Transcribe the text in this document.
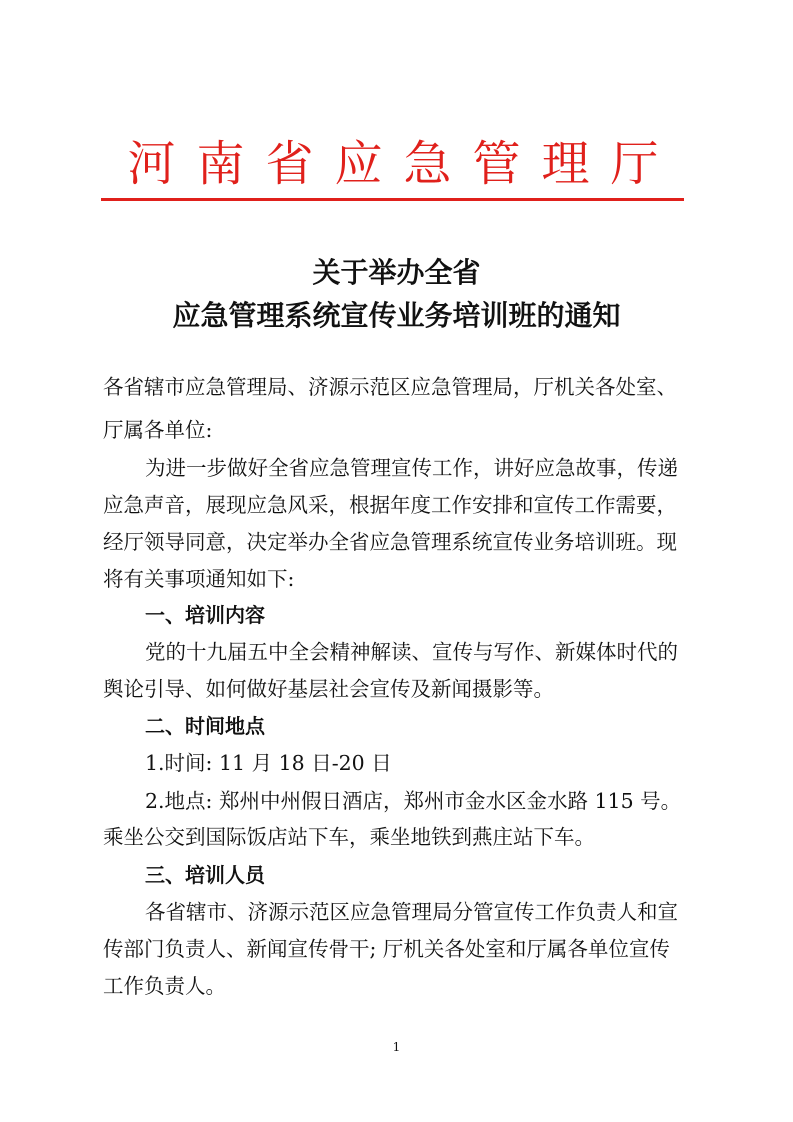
河南省应急管理厅
关于举办全省
应急管理系统宣传业务培训班的通知
各省辖市应急管理局、济源示范区应急管理局，厅机关各处室、
厅属各单位:
为进一步做好全省应急管理宣传工作，讲好应急故事，传递
应急声音，展现应急风采，根据年度工作安排和宣传工作需要，
经厅领导同意，决定举办全省应急管理系统宣传业务培训班。现
将有关事项通知如下:
一、培训内容
党的十九届五中全会精神解读、宣传与写作、新媒体时代的
舆论引导、如何做好基层社会宣传及新闻摄影等。
二、时间地点
1.时间: 11 月 18 日-20 日
2.地点: 郑州中州假日酒店，郑州市金水区金水路 115 号。
乘坐公交到国际饭店站下车，乘坐地铁到燕庄站下车。
三、培训人员
各省辖市、济源示范区应急管理局分管宣传工作负责人和宣
传部门负责人、新闻宣传骨干; 厅机关各处室和厅属各单位宣传
工作负责人。
1
